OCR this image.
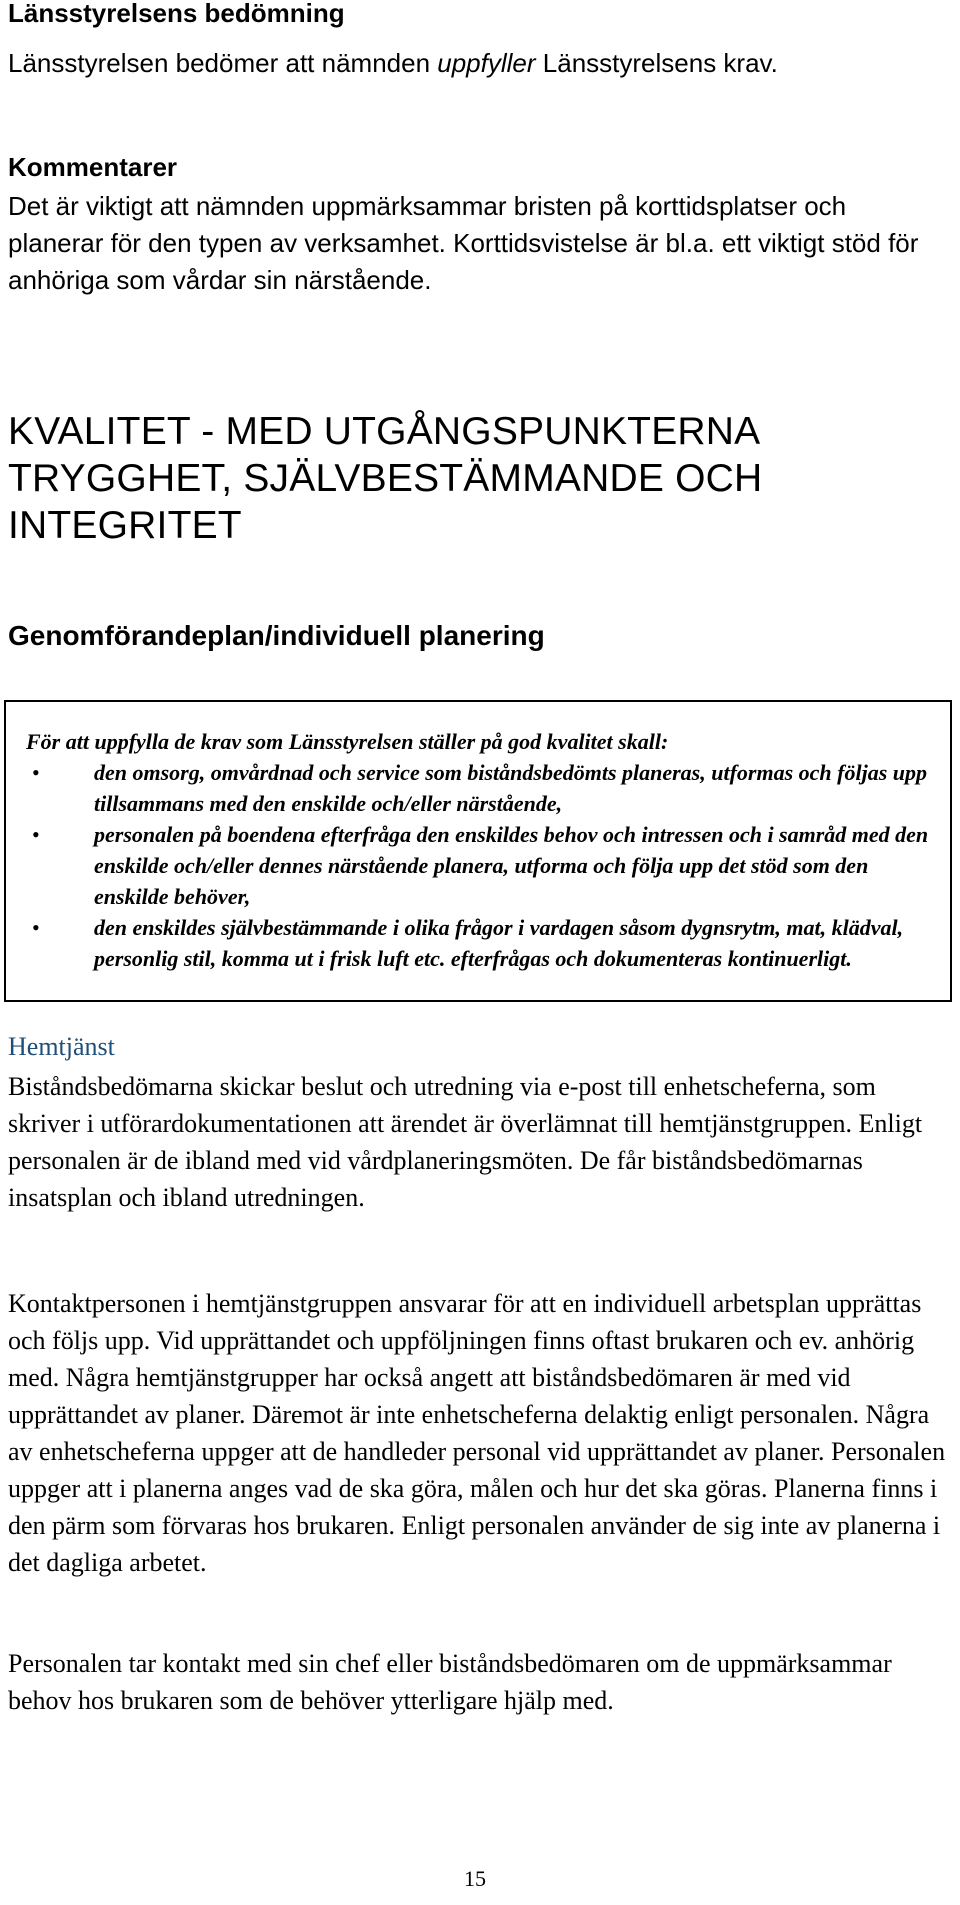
Länsstyrelsens bedömning
Länsstyrelsen bedömer att nämnden uppfyller Länsstyrelsens krav.
Kommentarer
Det är viktigt att nämnden uppmärksammar bristen på korttidsplatser och planerar för den typen av verksamhet. Korttidsvistelse är bl.a. ett viktigt stöd för anhöriga som vårdar sin närstående.
KVALITET - MED UTGÅNGSPUNKTERNA TRYGGHET, SJÄLVBESTÄMMANDE OCH INTEGRITET
Genomförandeplan/individuell planering
För att uppfylla de krav som Länsstyrelsen ställer på god kvalitet skall:
• den omsorg, omvårdnad och service som biståndsbedömts planeras, utformas och följas upp tillsammans med den enskilde och/eller närstående,
• personalen på boendena efterfråga den enskildes behov och intressen och i samråd med den enskilde och/eller dennes närstående planera, utforma och följa upp det stöd som den enskilde behöver,
• den enskildes självbestämmande i olika frågor i vardagen såsom dygnsrytm, mat, klädval, personlig stil, komma ut i frisk luft etc. efterfrågas och dokumenteras kontinuerligt.
Hemtjänst
Biståndsbedömarna skickar beslut och utredning via e-post till enhetscheferna, som skriver i utförardokumentationen att ärendet är överlämnat till hemtjänstgruppen. Enligt personalen är de ibland med vid vårdplaneringsmöten. De får biståndsbedömarnas insatsplan och ibland utredningen.
Kontaktpersonen i hemtjänstgruppen ansvarar för att en individuell arbetsplan upprättas och följs upp. Vid upprättandet och uppföljningen finns oftast brukaren och ev. anhörig med. Några hemtjänstgrupper har också angett att biståndsbedömaren är med vid upprättandet av planer. Däremot är inte enhetscheferna delaktig enligt personalen. Några av enhetscheferna uppger att de handleder personal vid upprättandet av planer. Personalen uppger att i planerna anges vad de ska göra, målen och hur det ska göras. Planerna finns i den pärm som förvaras hos brukaren. Enligt personalen använder de sig inte av planerna i det dagliga arbetet.
Personalen tar kontakt med sin chef eller biståndsbedömaren om de uppmärksammar behov hos brukaren som de behöver ytterligare hjälp med.
15
